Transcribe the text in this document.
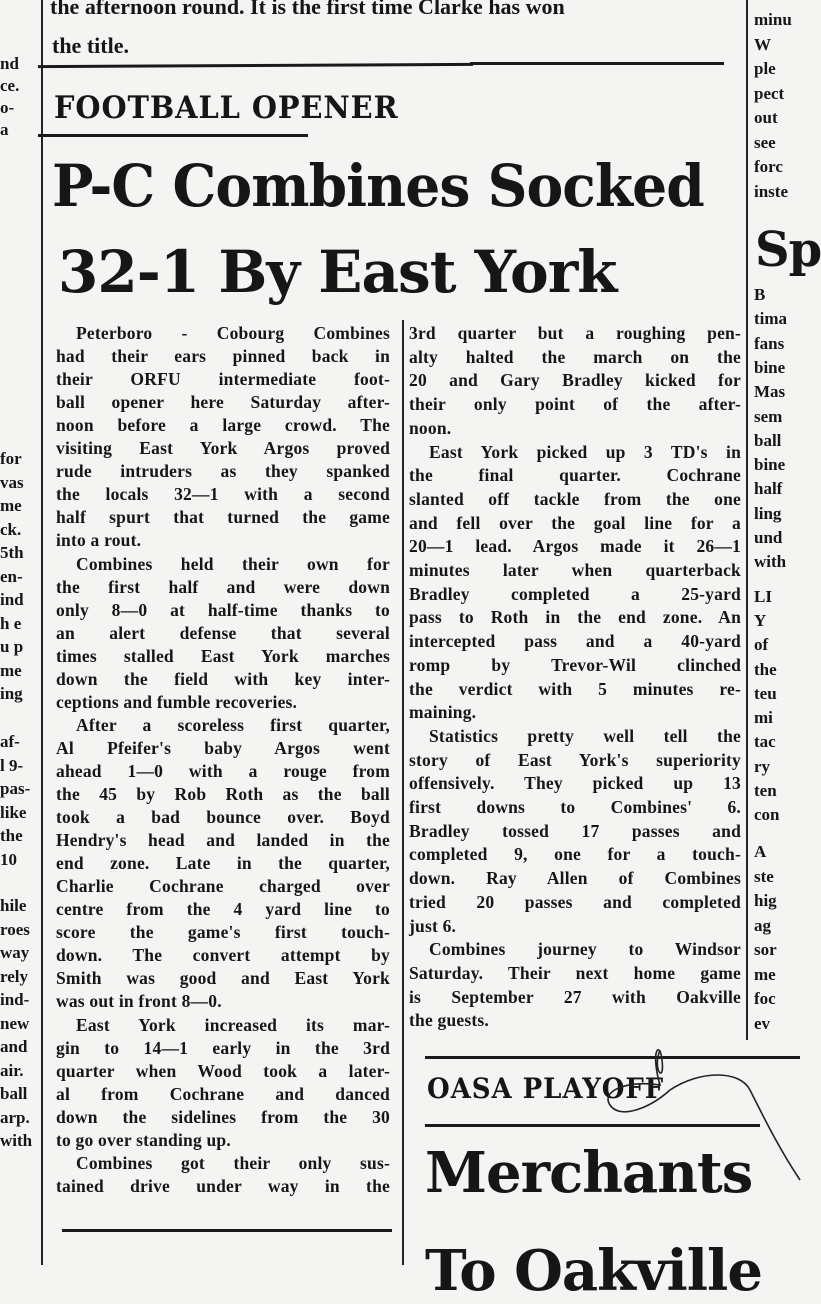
the afternoon round. It is the first time Clarke has won
the title.
FOOTBALL OPENER
P-C Combines Socked
32-1 By East York
Peterboro - Cobourg Combines
had their ears pinned back in
their ORFU intermediate foot-
ball opener here Saturday after-
noon before a large crowd. The
visiting East York Argos proved
rude intruders as they spanked
the locals 32—1 with a second
half spurt that turned the game
into a rout.
Combines held their own for
the first half and were down
only 8—0 at half-time thanks to
an alert defense that several
times stalled East York marches
down the field with key inter-
ceptions and fumble recoveries.
After a scoreless first quarter,
Al Pfeifer's baby Argos went
ahead 1—0 with a rouge from
the 45 by Rob Roth as the ball
took a bad bounce over. Boyd
Hendry's head and landed in the
end zone. Late in the quarter,
Charlie Cochrane charged over
centre from the 4 yard line to
score the game's first touch-
down. The convert attempt by
Smith was good and East York
was out in front 8—0.
East York increased its mar-
gin to 14—1 early in the 3rd
quarter when Wood took a later-
al from Cochrane and danced
down the sidelines from the 30
to go over standing up.
Combines got their only sus-
tained drive under way in the
3rd quarter but a roughing pen-
alty halted the march on the
20 and Gary Bradley kicked for
their only point of the after-
noon.
East York picked up 3 TD's in
the final quarter. Cochrane
slanted off tackle from the one
and fell over the goal line for a
20—1 lead. Argos made it 26—1
minutes later when quarterback
Bradley completed a 25-yard
pass to Roth in the end zone. An
intercepted pass and a 40-yard
romp by Trevor-Wil clinched
the verdict with 5 minutes re-
maining.
Statistics pretty well tell the
story of East York's superiority
offensively. They picked up 13
first downs to Combines' 6.
Bradley tossed 17 passes and
completed 9, one for a touch-
down. Ray Allen of Combines
tried 20 passes and completed
just 6.
Combines journey to Windsor
Saturday. Their next home game
is September 27 with Oakville
the guests.
nd
ce.
o-
a
for
vas
me
ck.
5th
en-
ind
h e
u p
me
ing
af-
l 9-
pas-
like
the
10
hile
roes
way
rely
ind-
new
and
air.
ball
arp.
with
minu
W
ple
pect
out
see
forc
inste
B
tima
fans
bine
Mas
sem
ball
bine
half
ling
und
with
LI
Y
of
the
teu
mi
tac
ry
ten
con
A
ste
hig
ag
sor
me
foc
ev
Sp
OASA PLAYOFF
Merchants
To Oakville
